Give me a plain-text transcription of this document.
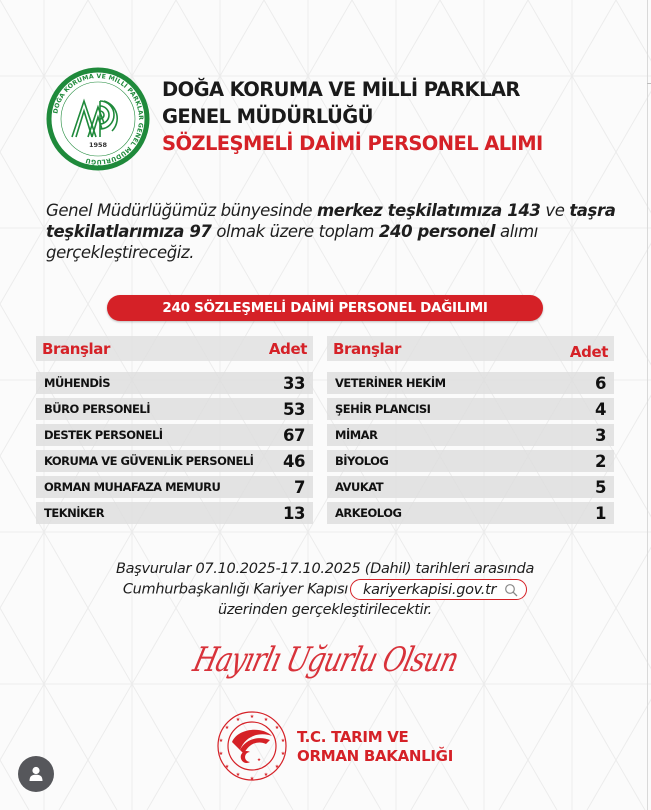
DOĞA KORUMA VE MİLLİ PARKLAR GENEL MÜDÜRLÜĞÜ
1958
DOĞA KORUMA VE MİLLİ PARKLAR
GENEL MÜDÜRLÜĞÜ
SÖZLEŞMELİ DAİMİ PERSONEL ALIMI
Genel Müdürlüğümüz bünyesinde merkez teşkilatımıza 143 ve taşra teşkilatlarımıza 97 olmak üzere toplam 240 personel alımı gerçekleştireceğiz.
240 SÖZLEŞMELİ DAİMİ PERSONEL DAĞILIMI
Branşlar	Adet
MÜHENDİS	33
BÜRO PERSONELİ	53
DESTEK PERSONELİ	67
KORUMA VE GÜVENLİK PERSONELİ 46
ORMAN MUHAFAZA MEMURU	7
TEKNİKER	13
Branşlar	Adet
VETERİNER HEKİM	6
ŞEHİR PLANCISI	4
MİMAR	3
BİYOLOG	2
AVUKAT	5
ARKEOLOG	1
Başvurular 07.10.2025-17.10.2025 (Dahil) tarihleri arasında
Cumhurbaşkanlığı Kariyer Kapısı kariyerkapisi.gov.tr
üzerinden gerçekleştirilecektir.
Hayırlı Uğurlu Olsun
★ ★
★
★
★
★
★
★
★
★
★
★
★
★
★
T.C. TARIM VE
ORMAN BAKANLIĞI
